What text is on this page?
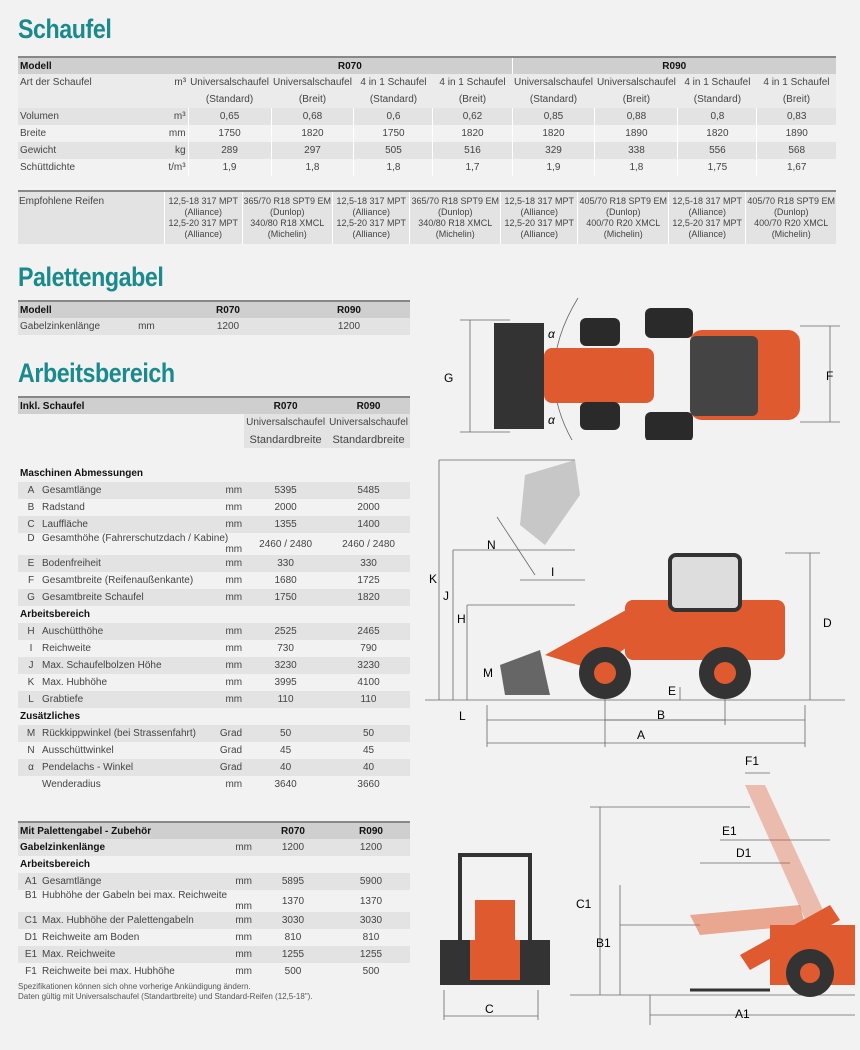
Schaufel
Palettengabel
Arbeitsbereich
Modell		R070				R090			
Art der Schaufel	m³	Universalschaufel	Universalschaufel	4 in 1 Schaufel	4 in 1 Schaufel	Universalschaufel	Universalschaufel	4 in 1 Schaufel	4 in 1 Schaufel
		(Standard)	(Breit)	(Standard)	(Breit)	(Standard)	(Breit)	(Standard)	(Breit)
Volumen	m³	0,65	0,68	0,6	0,62	0,85	0,88	0,8	0,83
Breite	mm	1750	1820	1750	1820	1820	1890	1820	1890
Gewicht	kg	289	297	505	516	329	338	556	568
Schüttdichte	t/m³	1,9	1,8	1,8	1,7	1,9	1,8	1,75	1,67
Empfohlene Reifen	12,5-18 317 MPT
(Alliance)
12,5-20 317 MPT
(Alliance)

365/70 R18 SPT9 EM
(Dunlop)
340/80 R18 XMCL
(Michelin)

12,5-18 317 MPT
(Alliance)
12,5-20 317 MPT
(Alliance)

365/70 R18 SPT9 EM
(Dunlop)
340/80 R18 XMCL
(Michelin)

12,5-18 317 MPT
(Alliance)
12,5-20 317 MPT
(Alliance)

405/70 R18 SPT9 EM
(Dunlop)
400/70 R20 XMCL
(Michelin)

12,5-18 317 MPT
(Alliance)
12,5-20 317 MPT
(Alliance)

405/70 R18 SPT9 EM
(Dunlop)
400/70 R20 XMCL
(Michelin)
Modell	R070	R090
Gabelzinkenlänge mm	1200	1200
Inkl. Schaufel	R070	R090
	Universalschaufel	Universalschaufel
	Standardbreite	Standardbreite

Maschinen Abmessungen		
A Gesamtlänge mm	5395	5485
B Radstand mm	2000	2000
C Lauffläche mm	1355	1400
D Gesamthöhe (Fahrerschutzdach / Kabine)
mm	2460 / 2480	2460 / 2480
E Bodenfreiheit mm	330	330
F Gesamtbreite (Reifenaußenkante) mm	1680	1725
G Gesamtbreite Schaufel mm	1750	1820
Arbeitsbereich		
H Auschütthöhe mm	2525	2465
I Reichweite mm	730	790
J Max. Schaufelbolzen Höhe mm	3230	3230
K Max. Hubhöhe mm	3995	4100
L Grabtiefe mm	110	110
Zusätzliches		
M Rückkippwinkel (bei Strassenfahrt) Grad	50	50
N Ausschüttwinkel Grad	45	45
α Pendelachs - Winkel Grad	40	40
Wenderadius mm	3640	3660
Mit Palettengabel - Zubehör	R070	R090
Gabelzinkenlänge mm	1200	1200
Arbeitsbereich		
A1 Gesamtlänge mm	5895	5900
B1 Hubhöhe der Gabeln bei max. Reichweite
mm	1370	1370
C1 Max. Hubhöhe der Palettengabeln mm	3030	3030
D1 Reichweite am Boden mm	810	810
E1 Max. Reichweite mm	1255	1255
F1 Reichweite bei max. Hubhöhe mm	500	500
Spezifikationen können sich ohne vorherige Ankündigung ändern.
Daten gültig mit Universalschaufel (Standartbreite) und Standard-Reifen (12,5-18").
G	F
α
α
K
J
H	D
N
I
M
E
L	B
A
C
F1
E1
D1
C1
B1
A1
